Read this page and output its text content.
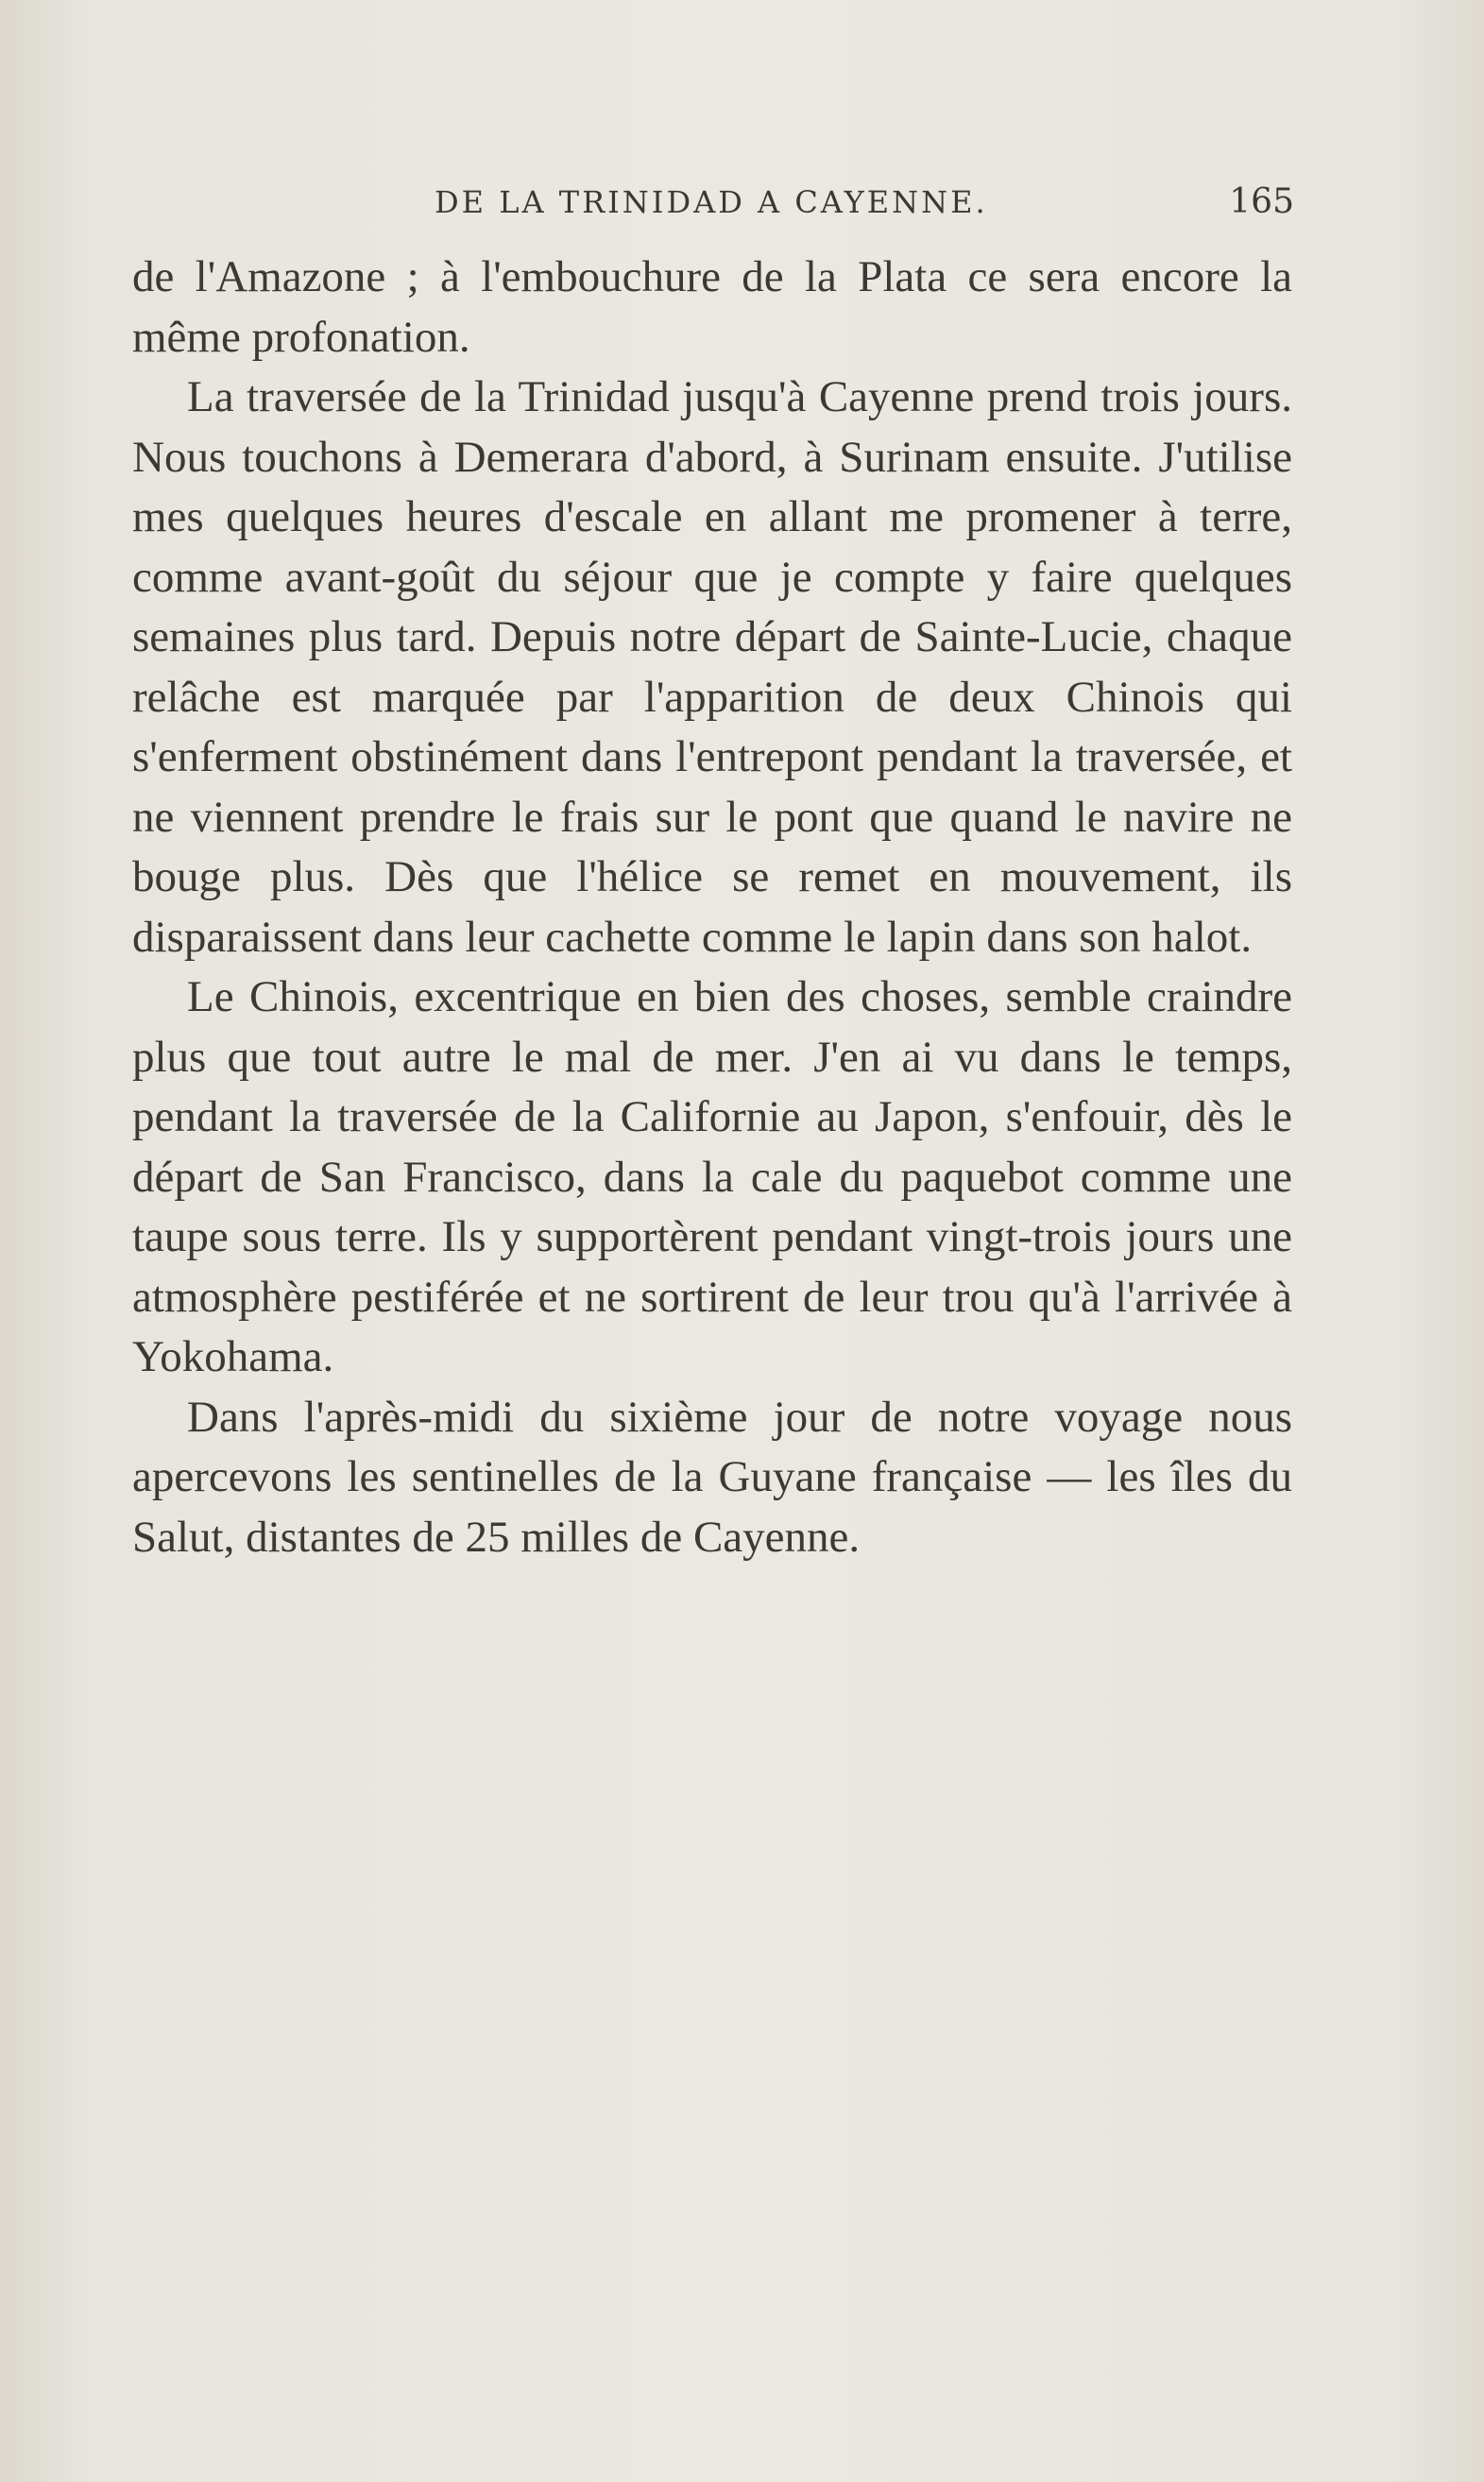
DE LA TRINIDAD A CAYENNE.	165

de l'Amazone ; à l'embouchure de la Plata ce sera encore la même profonation.

La traversée de la Trinidad jusqu'à Cayenne prend trois jours. Nous touchons à Demerara d'abord, à Surinam ensuite. J'utilise mes quelques heures d'escale en allant me promener à terre, comme avant-goût du séjour que je compte y faire quelques semaines plus tard. Depuis notre départ de Sainte-Lucie, chaque relâche est marquée par l'apparition de deux Chinois qui s'enferment obstinément dans l'entrepont pendant la traversée, et ne viennent prendre le frais sur le pont que quand le navire ne bouge plus. Dès que l'hélice se remet en mouvement, ils disparaissent dans leur cachette comme le lapin dans son halot.

Le Chinois, excentrique en bien des choses, semble craindre plus que tout autre le mal de mer. J'en ai vu dans le temps, pendant la traversée de la Californie au Japon, s'enfouir, dès le départ de San Francisco, dans la cale du paquebot comme une taupe sous terre. Ils y supportèrent pendant vingt-trois jours une atmosphère pestiférée et ne sortirent de leur trou qu'à l'arrivée à Yokohama.

Dans l'après-midi du sixième jour de notre voyage nous apercevons les sentinelles de la Guyane française — les îles du Salut, distantes de 25 milles de Cayenne.
